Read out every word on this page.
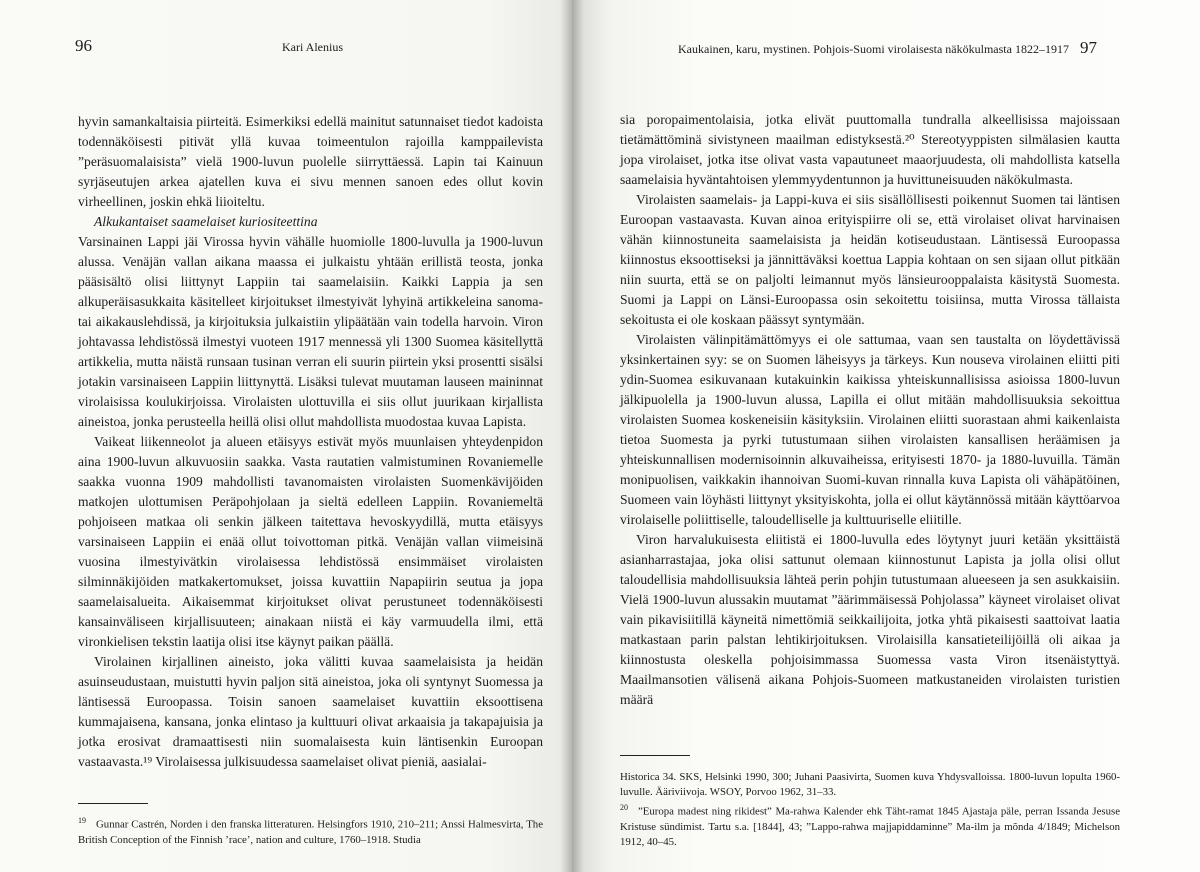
96	Kari Alenius

hyvin samankaltaisia piirteitä. Esimerkiksi edellä mainitut satunnaiset tiedot kadoista todennäköisesti pitivät yllä kuvaa toimeentulon rajoilla kamppailevista ”peräsuomalaisista” vielä 1900-luvun puolelle siirryttäessä. Lapin tai Kainuun syrjäseutujen arkea ajatellen kuva ei sivu mennen sanoen edes ollut kovin virheellinen, joskin ehkä liioiteltu.

Alkukantaiset saamelaiset kuriositeettina

Varsinainen Lappi jäi Virossa hyvin vähälle huomiolle 1800-luvulla ja 1900-luvun alussa. Venäjän vallan aikana maassa ei julkaistu yhtään erillistä teosta, jonka pääsisältö olisi liittynyt Lappiin tai saamelaisiin. Kaikki Lappia ja sen alkuperäisasukkaita käsitelleet kirjoitukset ilmestyivät lyhyinä artikkeleina sanoma- tai aikakauslehdissä, ja kirjoituksia julkaistiin ylipäätään vain todella harvoin. Viron johtavassa lehdistössä ilmestyi vuoteen 1917 mennessä yli 1300 Suomea käsitellyttä artikkelia, mutta näistä runsaan tusinan verran eli suurin piirtein yksi prosentti sisälsi jotakin varsinaiseen Lappiin liittynyttä. Lisäksi tulevat muutaman lauseen maininnat virolaisissa koulukirjoissa. Virolaisten ulottuvilla ei siis ollut juurikaan kirjallista aineistoa, jonka perusteella heillä olisi ollut mahdollista muodostaa kuvaa Lapista.

Vaikeat liikenneolot ja alueen etäisyys estivät myös muunlaisen yhteydenpidon aina 1900-luvun alkuvuosiin saakka. Vasta rautatien valmistuminen Rovaniemelle saakka vuonna 1909 mahdollisti tavanomaisten virolaisten Suomenkävijöiden matkojen ulottumisen Peräpohjolaan ja sieltä edelleen Lappiin. Rovaniemeltä pohjoiseen matkaa oli senkin jälkeen taitettava hevoskyydillä, mutta etäisyys varsinaiseen Lappiin ei enää ollut toivottoman pitkä. Venäjän vallan viimeisinä vuosina ilmestyivätkin virolaisessa lehdistössä ensimmäiset virolaisten silminnäkijöiden matkakertomukset, joissa kuvattiin Napapiirin seutua ja jopa saamelaisalueita. Aikaisemmat kirjoitukset olivat perustuneet todennäköisesti kansainväliseen kirjallisuuteen; ainakaan niistä ei käy varmuudella ilmi, että vironkielisen tekstin laatija olisi itse käynyt paikan päällä.

Virolainen kirjallinen aineisto, joka välitti kuvaa saamelaisista ja heidän asuinseudustaan, muistutti hyvin paljon sitä aineistoa, joka oli syntynyt Suomessa ja läntisessä Euroopassa. Toisin sanoen saamelaiset kuvattiin eksoottisena kummajaisena, kansana, jonka elintaso ja kulttuuri olivat arkaaisia ja takapajuisia ja jotka erosivat dramaattisesti niin suomalaisesta kuin läntisenkin Euroopan vastaavasta.¹⁹ Virolaisessa julkisuudessa saamelaiset olivat pieniä, aasialai-

$^{19}$ Gunnar Castrén, Norden i den franska litteraturen. Helsingfors 1910, 210–211; Anssi Halmesvirta, The British Conception of the Finnish ’race’, nation and culture, 1760–1918. Studia

Kaukainen, karu, mystinen. Pohjois-Suomi virolaisesta näkökulmasta 1822–1917 97

sia poropaimentolaisia, jotka elivät puuttomalla tundralla alkeellisissa majoissaan tietämättöminä sivistyneen maailman edistyksestä.²⁰ Stereotyyppisten silmälasien kautta jopa virolaiset, jotka itse olivat vasta vapautuneet maaorjuudesta, oli mahdollista katsella saamelaisia hyväntahtoisen ylemmyydentunnon ja huvittuneisuuden näkökulmasta.

Virolaisten saamelais- ja Lappi-kuva ei siis sisällöllisesti poikennut Suomen tai läntisen Euroopan vastaavasta. Kuvan ainoa erityispiirre oli se, että virolaiset olivat harvinaisen vähän kiinnostuneita saamelaisista ja heidän kotiseudustaan. Läntisessä Euroopassa kiinnostus eksoottiseksi ja jännittäväksi koettua Lappia kohtaan on sen sijaan ollut pitkään niin suurta, että se on paljolti leimannut myös länsieurooppalaista käsitystä Suomesta. Suomi ja Lappi on Länsi-Euroopassa osin sekoitettu toisiinsa, mutta Virossa tällaista sekoitusta ei ole koskaan päässyt syntymään.

Virolaisten välinpitämättömyys ei ole sattumaa, vaan sen taustalta on löydettävissä yksinkertainen syy: se on Suomen läheisyys ja tärkeys. Kun nouseva virolainen eliitti piti ydin-Suomea esikuvanaan kutakuinkin kaikissa yhteiskunnallisissa asioissa 1800-luvun jälkipuolella ja 1900-luvun alussa, Lapilla ei ollut mitään mahdollisuuksia sekoittua virolaisten Suomea koskeneisiin käsityksiin. Virolainen eliitti suorastaan ahmi kaikenlaista tietoa Suomesta ja pyrki tutustumaan siihen virolaisten kansallisen heräämisen ja yhteiskunnallisen modernisoinnin alkuvaiheissa, erityisesti 1870- ja 1880-luvuilla. Tämän monipuolisen, vaikkakin ihannoivan Suomi-kuvan rinnalla kuva Lapista oli vähäpätöinen, Suomeen vain löyhästi liittynyt yksityiskohta, jolla ei ollut käytännössä mitään käyttöarvoa virolaiselle poliittiselle, taloudelliselle ja kulttuuriselle eliitille.

Viron harvalukuisesta eliitistä ei 1800-luvulla edes löytynyt juuri ketään yksittäistä asianharrastajaa, joka olisi sattunut olemaan kiinnostunut Lapista ja jolla olisi ollut taloudellisia mahdollisuuksia lähteä perin pohjin tutustumaan alueeseen ja sen asukkaisiin. Vielä 1900-luvun alussakin muutamat ”äärimmäisessä Pohjolassa” käyneet virolaiset olivat vain pikavisiitillä käyneitä nimettömiä seikkailijoita, jotka yhtä pikaisesti saattoivat laatia matkastaan parin palstan lehtikirjoituksen. Virolaisilla kansatieteilijöillä oli aikaa ja kiinnostusta oleskella pohjoisimmassa Suomessa vasta Viron itsenäistyttyä. Maailmansotien välisenä aikana Pohjois-Suomeen matkustaneiden virolaisten turistien määrä

Historica 34. SKS, Helsinki 1990, 300; Juhani Paasivirta, Suomen kuva Yhdysvalloissa. 1800-luvun lopulta 1960-luvulle. Ääriviivoja. WSOY, Porvoo 1962, 31–33.

$^{20}$ ”Europa madest ning rikidest” Ma-rahwa Kalender ehk Täht-ramat 1845 Ajastaja päle, perran Issanda Jesuse Kristuse sündimist. Tartu s.a. [1844], 43; ”Lappo-rahwa majjapiddaminne” Ma-ilm ja mõnda 4/1849; Michelson 1912, 40–45.
